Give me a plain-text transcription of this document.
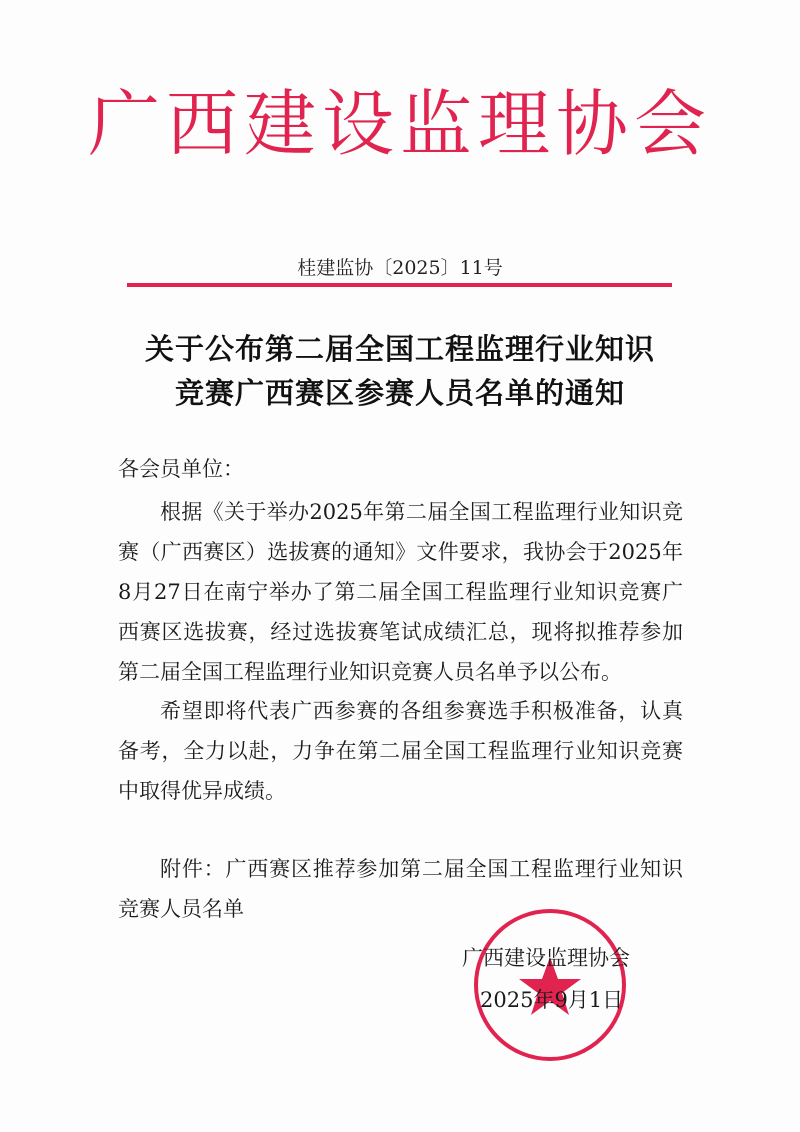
广西建设监理协会
桂建监协〔2025〕11号
关于公布第二届全国工程监理行业知识
竞赛广西赛区参赛人员名单的通知
各会员单位：
根据《关于举办2025年第二届全国工程监理行业知识竞赛（广西赛区）选拔赛的通知》文件要求，我协会于2025年8月27日在南宁举办了第二届全国工程监理行业知识竞赛广西赛区选拔赛，经过选拔赛笔试成绩汇总，现将拟推荐参加第二届全国工程监理行业知识竞赛人员名单予以公布。
希望即将代表广西参赛的各组参赛选手积极准备，认真备考，全力以赴，力争在第二届全国工程监理行业知识竞赛中取得优异成绩。
附件：广西赛区推荐参加第二届全国工程监理行业知识竞赛人员名单
广西建设监理协会
2025年9月1日
